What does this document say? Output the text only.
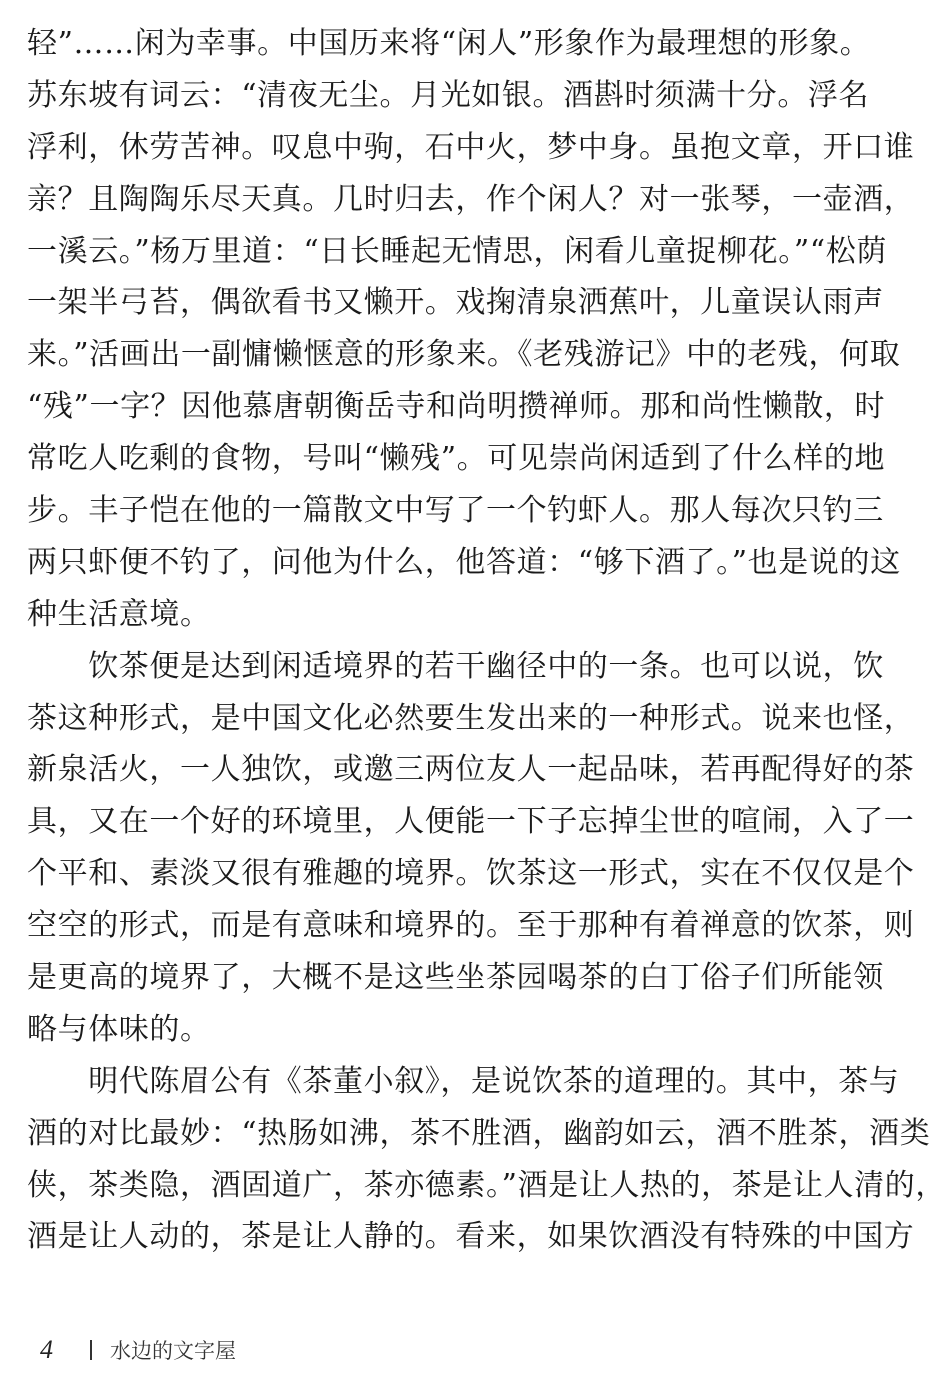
轻”……闲为幸事。中国历来将“闲人”形象作为最理想的形象。
苏东坡有词云：“清夜无尘。月光如银。酒斟时须满十分。浮名
浮利，休劳苦神。叹息中驹，石中火，梦中身。虽抱文章，开口谁
亲？且陶陶乐尽天真。几时归去，作个闲人？对一张琴，一壶酒，
一溪云。”杨万里道：“日长睡起无情思，闲看儿童捉柳花。”“松荫
一架半弓苔，偶欲看书又懒开。戏掬清泉洒蕉叶，儿童误认雨声
来。”活画出一副慵懒惬意的形象来。《老残游记》中的老残，何取
“残”一字？因他慕唐朝衡岳寺和尚明攒禅师。那和尚性懒散，时
常吃人吃剩的食物，号叫“懒残”。可见崇尚闲适到了什么样的地
步。丰子恺在他的一篇散文中写了一个钓虾人。那人每次只钓三
两只虾便不钓了，问他为什么，他答道：“够下酒了。”也是说的这
种生活意境。
　　饮茶便是达到闲适境界的若干幽径中的一条。也可以说，饮
茶这种形式，是中国文化必然要生发出来的一种形式。说来也怪，
新泉活火，一人独饮，或邀三两位友人一起品味，若再配得好的茶
具，又在一个好的环境里，人便能一下子忘掉尘世的喧闹，入了一
个平和、素淡又很有雅趣的境界。饮茶这一形式，实在不仅仅是个
空空的形式，而是有意味和境界的。至于那种有着禅意的饮茶，则
是更高的境界了，大概不是这些坐茶园喝茶的白丁俗子们所能领
略与体味的。
　　明代陈眉公有《茶董小叙》，是说饮茶的道理的。其中，茶与
酒的对比最妙：“热肠如沸，茶不胜酒，幽韵如云，酒不胜茶，酒类
侠，茶类隐，酒固道广，茶亦德素。”酒是让人热的，茶是让人清的，
酒是让人动的，茶是让人静的。看来，如果饮酒没有特殊的中国方
4	水边的文字屋
